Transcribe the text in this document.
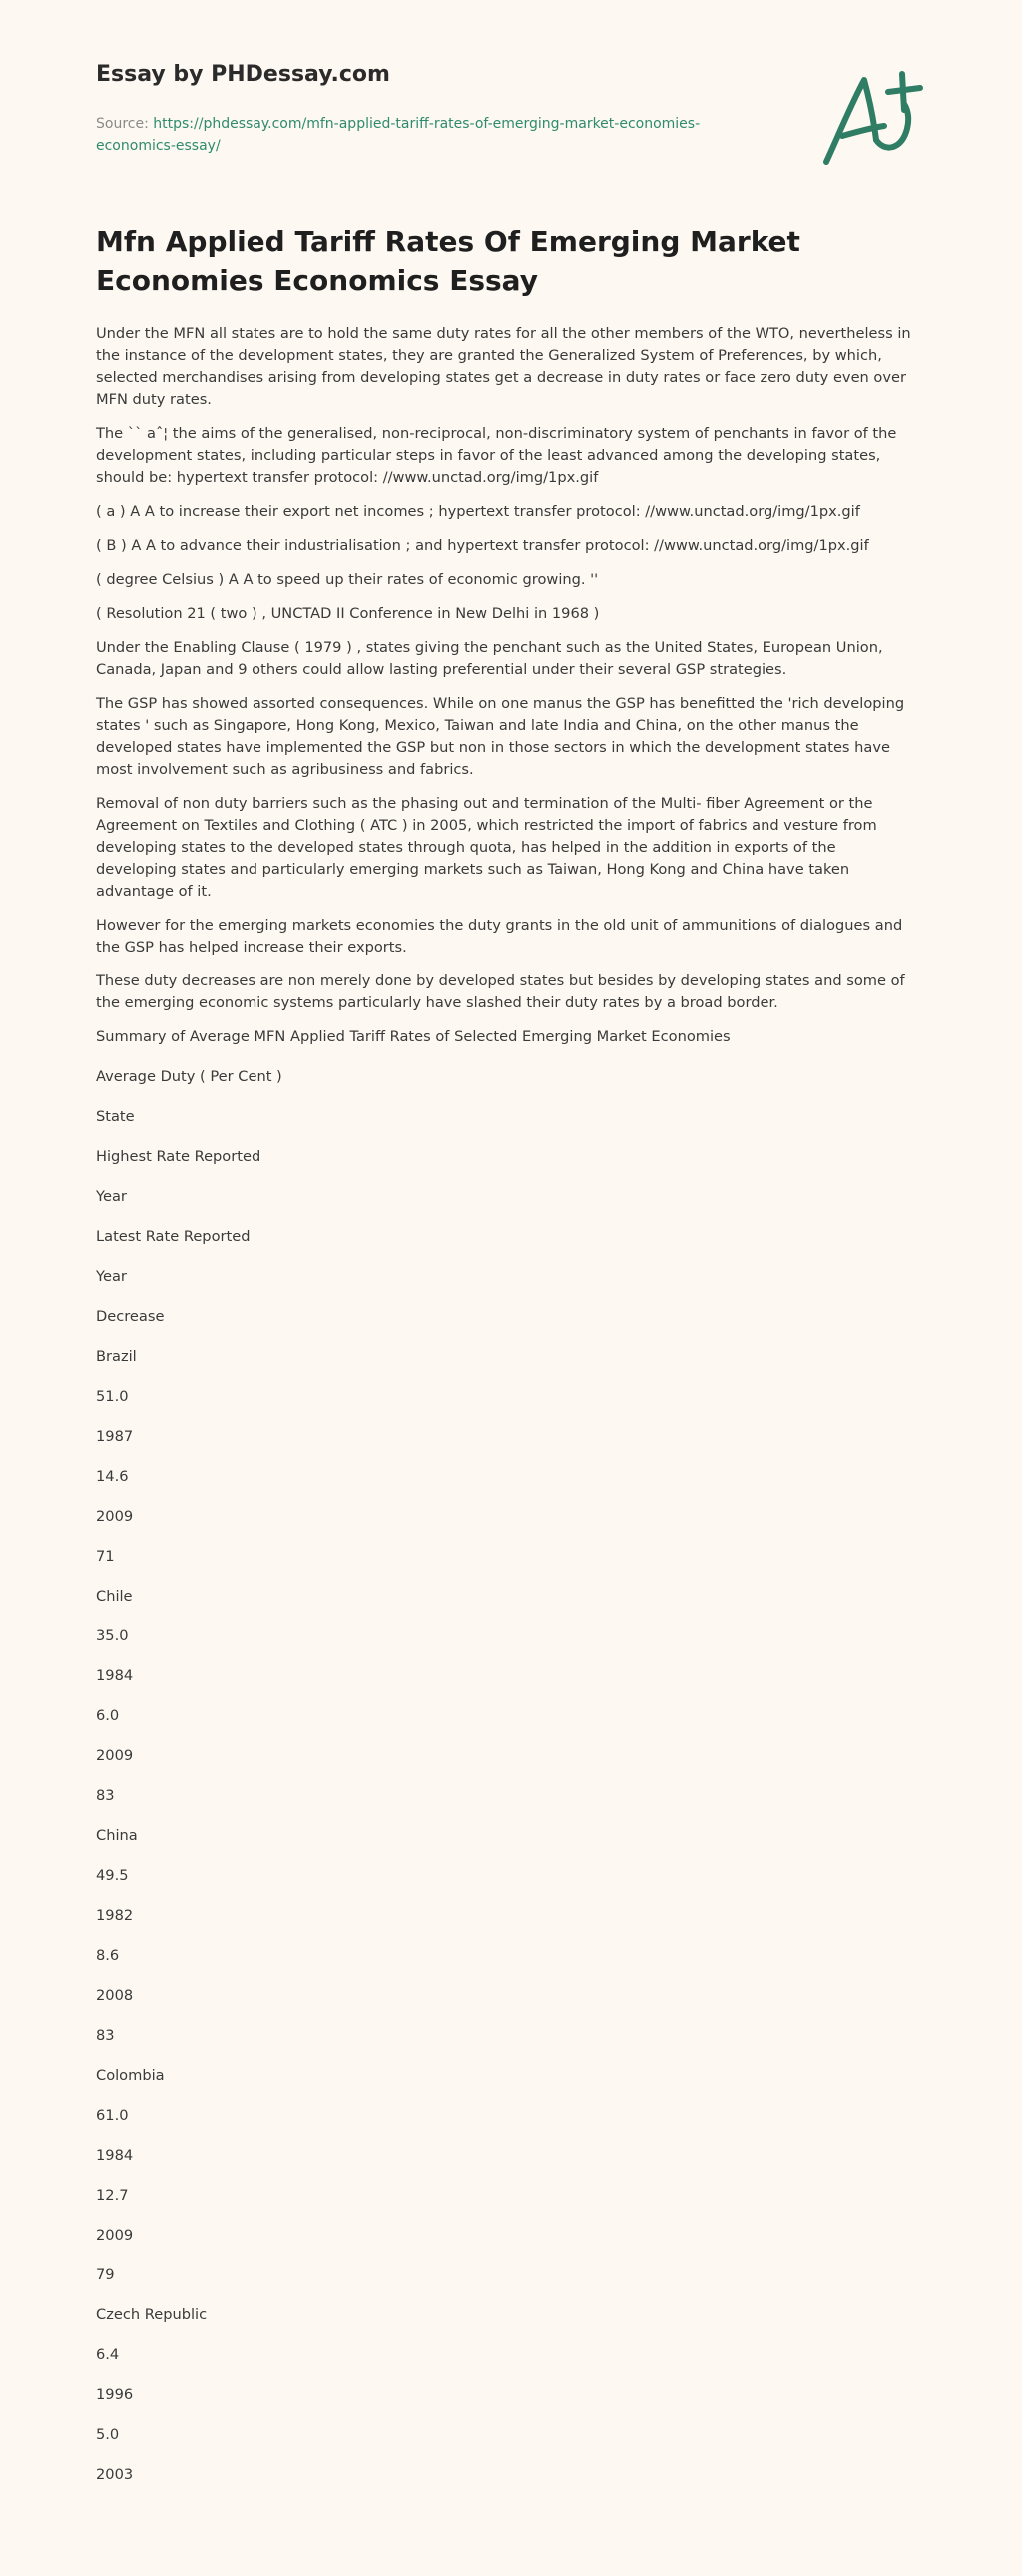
Essay by PHDessay.com
Source: https://phdessay.com/mfn-applied-tariff-rates-of-emerging-market-economies-economics-essay/
Mfn Applied Tariff Rates Of Emerging Market Economies Economics Essay

Under the MFN all states are to hold the same duty rates for all the other members of the WTO, nevertheless in the instance of the development states, they are granted the Generalized System of Preferences, by which, selected merchandises arising from developing states get a decrease in duty rates or face zero duty even over MFN duty rates.

The `` aˆ¦ the aims of the generalised, non-reciprocal, non-discriminatory system of penchants in favor of the development states, including particular steps in favor of the least advanced among the developing states, should be: hypertext transfer protocol: //www.unctad.org/img/1px.gif

( a ) A A to increase their export net incomes ; hypertext transfer protocol: //www.unctad.org/img/1px.gif

( B ) A A to advance their industrialisation ; and hypertext transfer protocol: //www.unctad.org/img/1px.gif

( degree Celsius ) A A to speed up their rates of economic growing. ''

( Resolution 21 ( two ) , UNCTAD II Conference in New Delhi in 1968 )

Under the Enabling Clause ( 1979 ) , states giving the penchant such as the United States, European Union, Canada, Japan and 9 others could allow lasting preferential under their several GSP strategies.

The GSP has showed assorted consequences. While on one manus the GSP has benefitted the 'rich developing states ' such as Singapore, Hong Kong, Mexico, Taiwan and late India and China, on the other manus the developed states have implemented the GSP but non in those sectors in which the development states have most involvement such as agribusiness and fabrics.

Removal of non duty barriers such as the phasing out and termination of the Multi- fiber Agreement or the Agreement on Textiles and Clothing ( ATC ) in 2005, which restricted the import of fabrics and vesture from developing states to the developed states through quota, has helped in the addition in exports of the developing states and particularly emerging markets such as Taiwan, Hong Kong and China have taken advantage of it.

However for the emerging markets economies the duty grants in the old unit of ammunitions of dialogues and the GSP has helped increase their exports.

These duty decreases are non merely done by developed states but besides by developing states and some of the emerging economic systems particularly have slashed their duty rates by a broad border.

Summary of Average MFN Applied Tariff Rates of Selected Emerging Market Economies
Average Duty ( Per Cent )
State
Highest Rate Reported
Year
Latest Rate Reported
Year
Decrease
Brazil
51.0
1987
14.6
2009
71
Chile
35.0
1984
6.0
2009
83
China
49.5
1982
8.6
2008
83
Colombia
61.0
1984
12.7
2009
79
Czech Republic
6.4
1996
5.0
2003
